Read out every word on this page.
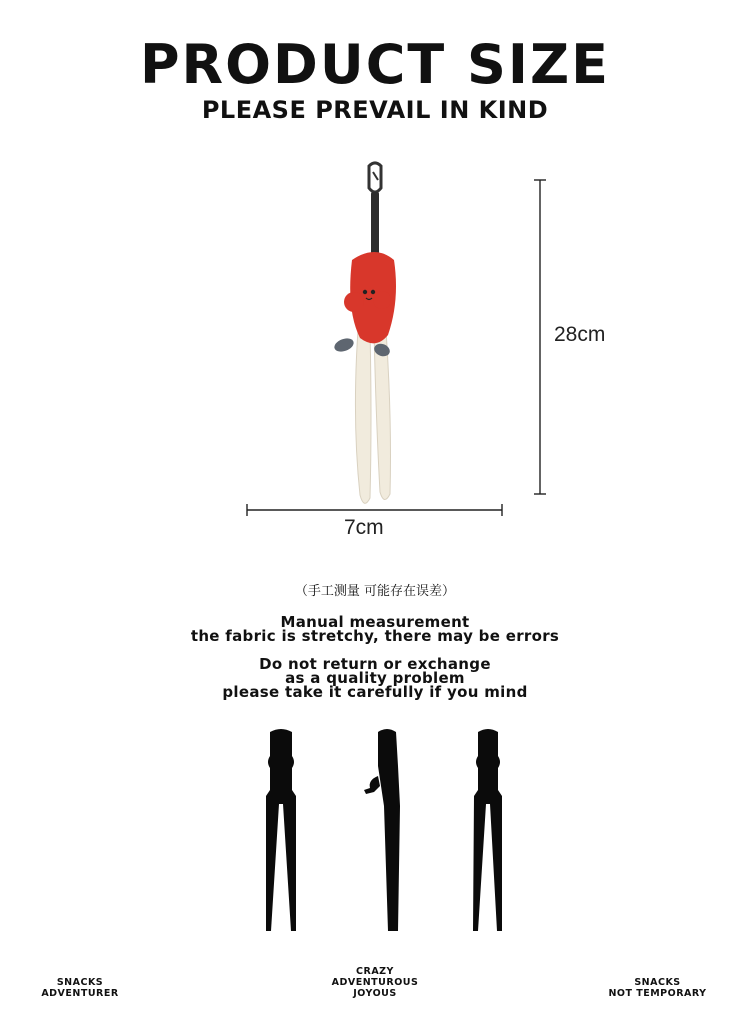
PRODUCT SIZE
PLEASE PREVAIL IN KIND
28cm
7cm
（手工测量 可能存在误差）
Manual measurement
the fabric is stretchy, there may be errors
Do not return or exchange
as a quality problem
please take it carefully if you mind
SNACKS
ADVENTURER
CRAZY
ADVENTUROUS
JOYOUS
SNACKS
NOT TEMPORARY
